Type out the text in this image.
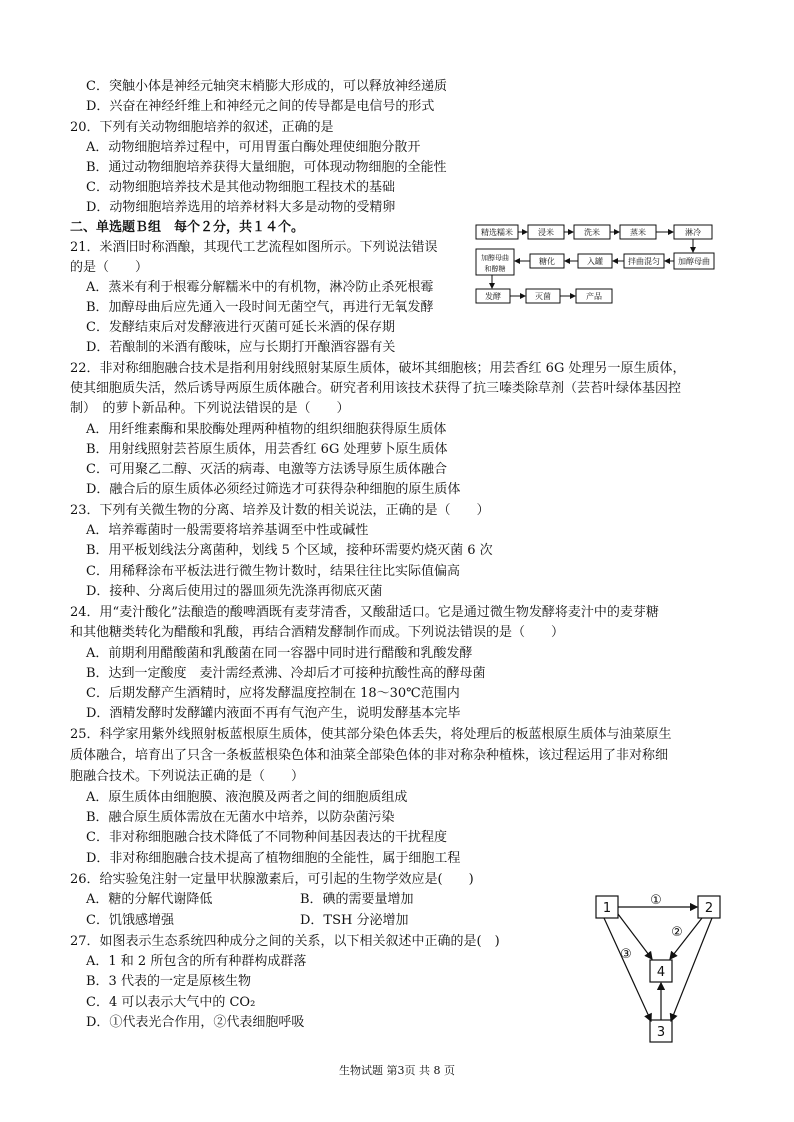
C．突触小体是神经元轴突末梢膨大形成的，可以释放神经递质
D．兴奋在神经纤维上和神经元之间的传导都是电信号的形式
20．下列有关动物细胞培养的叙述，正确的是
A．动物细胞培养过程中，可用胃蛋白酶处理使细胞分散开
B．通过动物细胞培养获得大量细胞，可体现动物细胞的全能性
C．动物细胞培养技术是其他动物细胞工程技术的基础
D．动物细胞培养选用的培养材料大多是动物的受精卵
二、单选题Ｂ组　每个２分，共１４个。
21．米酒旧时称酒酿，其现代工艺流程如图所示。下列说法错误
的是（　　）
A．蒸米有利于根霉分解糯米中的有机物，淋冷防止杀死根霉
B．加醇母曲后应先通入一段时间无菌空气，再进行无氧发酵
C．发酵结束后对发酵液进行灭菌可延长米酒的保存期
D．若酿制的米酒有酸味，应与长期打开酿酒容器有关
22．非对称细胞融合技术是指利用射线照射某原生质体，破坏其细胞核；用芸香红 6G 处理另一原生质体，
使其细胞质失活，然后诱导两原生质体融合。研究者利用该技术获得了抗三嗪类除草剂（芸苔叶绿体基因控
制）　的萝卜新品种。下列说法错误的是（　　）
A．用纤维素酶和果胶酶处理两种植物的组织细胞获得原生质体
B．用射线照射芸苔原生质体，用芸香红 6G 处理萝卜原生质体
C．可用聚乙二醇、灭活的病毒、电激等方法诱导原生质体融合
D．融合后的原生质体必须经过筛选才可获得杂种细胞的原生质体
23．下列有关微生物的分离、培养及计数的相关说法，正确的是（　　）
A．培养霉菌时一般需要将培养基调至中性或碱性
B．用平板划线法分离菌种，划线 5 个区域，接种环需要灼烧灭菌 6 次
C．用稀释涂布平板法进行微生物计数时，结果往往比实际值偏高
D．接种、分离后使用过的器皿须先洗涤再彻底灭菌
24．用“麦汁酸化”法酿造的酸啤酒既有麦芽清香，又酸甜适口。它是通过微生物发酵将麦汁中的麦芽糖
和其他糖类转化为醋酸和乳酸，再结合酒精发酵制作而成。下列说法错误的是（　　）
A．前期利用醋酸菌和乳酸菌在同一容器中同时进行醋酸和乳酸发酵
B．达到一定酸度　麦汁需经煮沸、冷却后才可接种抗酸性高的酵母菌
C．后期发酵产生酒精时，应将发酵温度控制在 18～30℃范围内
D．酒精发酵时发酵罐内液面不再有气泡产生，说明发酵基本完毕
25．科学家用紫外线照射板蓝根原生质体，使其部分染色体丢失，将处理后的板蓝根原生质体与油菜原生
质体融合，培育出了只含一条板蓝根染色体和油菜全部染色体的非对称杂种植株，该过程运用了非对称细
胞融合技术。下列说法正确的是（　　）
A．原生质体由细胞膜、液泡膜及两者之间的细胞质组成
B．融合原生质体需放在无菌水中培养，以防杂菌污染
C．非对称细胞融合技术降低了不同物种间基因表达的干扰程度
D．非对称细胞融合技术提高了植物细胞的全能性，属于细胞工程
26．给实验兔注射一定量甲状腺激素后，可引起的生物学效应是(　　)
27．如图表示生态系统四种成分之间的关系，以下相关叙述中正确的是(　)
A．1 和 2 所包含的所有种群构成群落
B．3 代表的一定是原核生物
C．4 可以表示大气中的 CO₂
D．①代表光合作用，②代表细胞呼吸
A．糖的分解代谢降低	B．碘的需要量增加
C．饥饿感增强	D．TSH 分泌增加
精选糯米	浸米	洗米	蒸米	淋冷
加醇母曲
和醇糖
糖化	入罐	拌曲混匀 加醇母曲
发酵	灭菌	产品
1	2
3
4
①
②
③
生物试题 第3页 共 8 页
